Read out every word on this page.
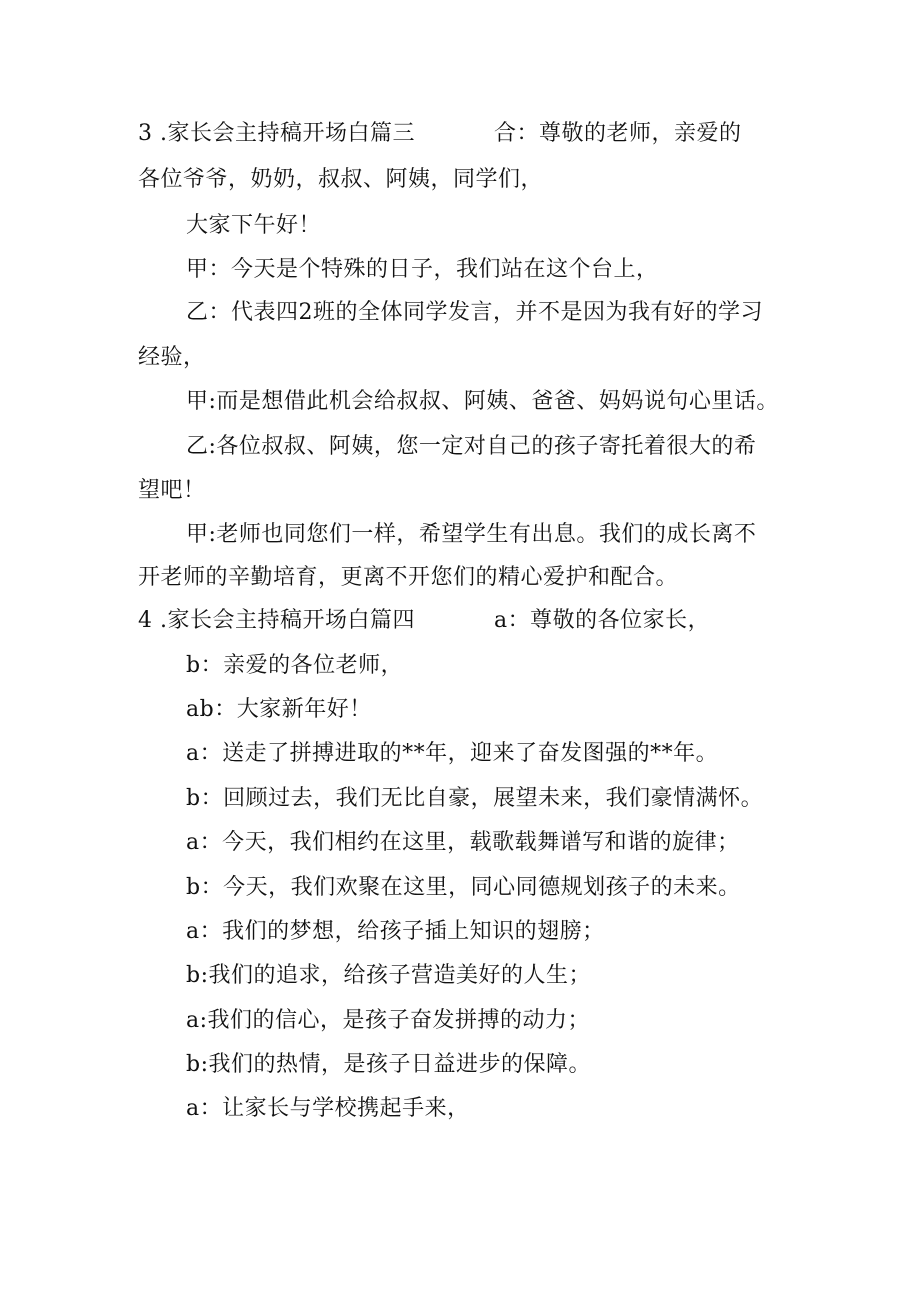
3 .家长会主持稿开场白篇三	合：尊敬的老师，亲爱的
各位爷爷，奶奶，叔叔、阿姨，同学们，
大家下午好！
甲：今天是个特殊的日子，我们站在这个台上，
乙：代表四2班的全体同学发言，并不是因为我有好的学习
经验，
甲:而是想借此机会给叔叔、阿姨、爸爸、妈妈说句心里话。
乙:各位叔叔、阿姨，您一定对自己的孩子寄托着很大的希
望吧！
甲:老师也同您们一样，希望学生有出息。我们的成长离不
开老师的辛勤培育，更离不开您们的精心爱护和配合。
4 .家长会主持稿开场白篇四	a：尊敬的各位家长，
b：亲爱的各位老师，
ab：大家新年好！
a：送走了拼搏进取的**年，迎来了奋发图强的**年。
b：回顾过去，我们无比自豪，展望未来，我们豪情满怀。
a：今天，我们相约在这里，载歌载舞谱写和谐的旋律；
b：今天，我们欢聚在这里，同心同德规划孩子的未来。
a：我们的梦想，给孩子插上知识的翅膀；
b:我们的追求，给孩子营造美好的人生；
a:我们的信心，是孩子奋发拼搏的动力；
b:我们的热情，是孩子日益进步的保障。
a：让家长与学校携起手来，
